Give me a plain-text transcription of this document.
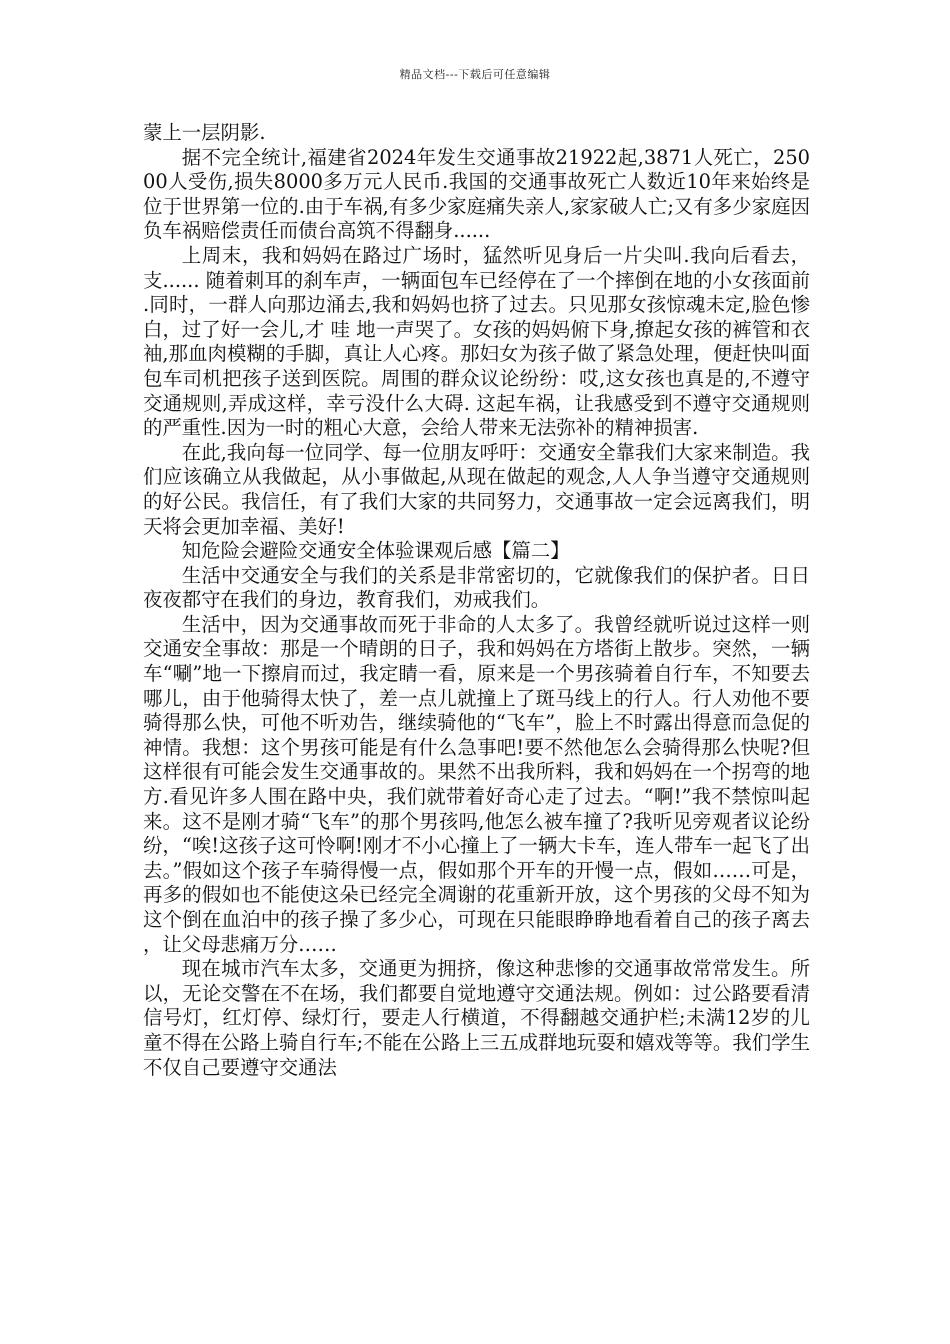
精品文档---下载后可任意编辑

蒙上一层阴影.

据不完全统计,福建省2024年发生交通事故21922起,3871人死亡，25000人受伤,损失8000多万元人民币.我国的交通事故死亡人数近10年来始终是位于世界第一位的.由于车祸,有多少家庭痛失亲人,家家破人亡;又有多少家庭因负车祸赔偿责任而债台高筑不得翻身......

上周末，我和妈妈在路过广场时，猛然听见身后一片尖叫.我向后看去， 支...... 随着刺耳的刹车声，一辆面包车已经停在了一个摔倒在地的小女孩面前.同时，一群人向那边涌去,我和妈妈也挤了过去。只见那女孩惊魂未定,脸色惨白，过了好一会儿,才 哇 地一声哭了。女孩的妈妈俯下身,撩起女孩的裤管和衣袖,那血肉模糊的手脚，真让人心疼。那妇女为孩子做了紧急处理，便赶快叫面包车司机把孩子送到医院。周围的群众议论纷纷：哎,这女孩也真是的,不遵守交通规则,弄成这样，幸亏没什么大碍. 这起车祸，让我感受到不遵守交通规则的严重性.因为一时的粗心大意，会给人带来无法弥补的精神损害.

在此,我向每一位同学、每一位朋友呼吁：交通安全靠我们大家来制造。我们应该确立从我做起，从小事做起,从现在做起的观念,人人争当遵守交通规则的好公民。我信任，有了我们大家的共同努力，交通事故一定会远离我们，明天将会更加幸福、美好!

知危险会避险交通安全体验课观后感【篇二】

生活中交通安全与我们的关系是非常密切的，它就像我们的保护者。日日夜夜都守在我们的身边，教育我们，劝戒我们。

生活中，因为交通事故而死于非命的人太多了。我曾经就听说过这样一则交通安全事故：那是一个晴朗的日子，我和妈妈在方塔街上散步。突然，一辆车“唰”地一下擦肩而过，我定睛一看，原来是一个男孩骑着自行车，不知要去哪儿，由于他骑得太快了，差一点儿就撞上了斑马线上的行人。行人劝他不要骑得那么快，可他不听劝告，继续骑他的“飞车”，脸上不时露出得意而急促的神情。我想：这个男孩可能是有什么急事吧!要不然他怎么会骑得那么快呢?但这样很有可能会发生交通事故的。果然不出我所料，我和妈妈在一个拐弯的地方.看见许多人围在路中央，我们就带着好奇心走了过去。“啊!”我不禁惊叫起来。这不是刚才骑“飞车”的那个男孩吗,他怎么被车撞了?我听见旁观者议论纷纷，“唉!这孩子这可怜啊!刚才不小心撞上了一辆大卡车，连人带车一起飞了出去。”假如这个孩子车骑得慢一点，假如那个开车的开慢一点，假如……可是，再多的假如也不能使这朵已经完全凋谢的花重新开放，这个男孩的父母不知为这个倒在血泊中的孩子操了多少心，可现在只能眼睁睁地看着自己的孩子离去，让父母悲痛万分……

现在城市汽车太多，交通更为拥挤，像这种悲惨的交通事故常常发生。所以，无论交警在不在场，我们都要自觉地遵守交通法规。例如：过公路要看清信号灯，红灯停、绿灯行，要走人行横道，不得翻越交通护栏;未满12岁的儿童不得在公路上骑自行车;不能在公路上三五成群地玩耍和嬉戏等等。我们学生不仅自己要遵守交通法
